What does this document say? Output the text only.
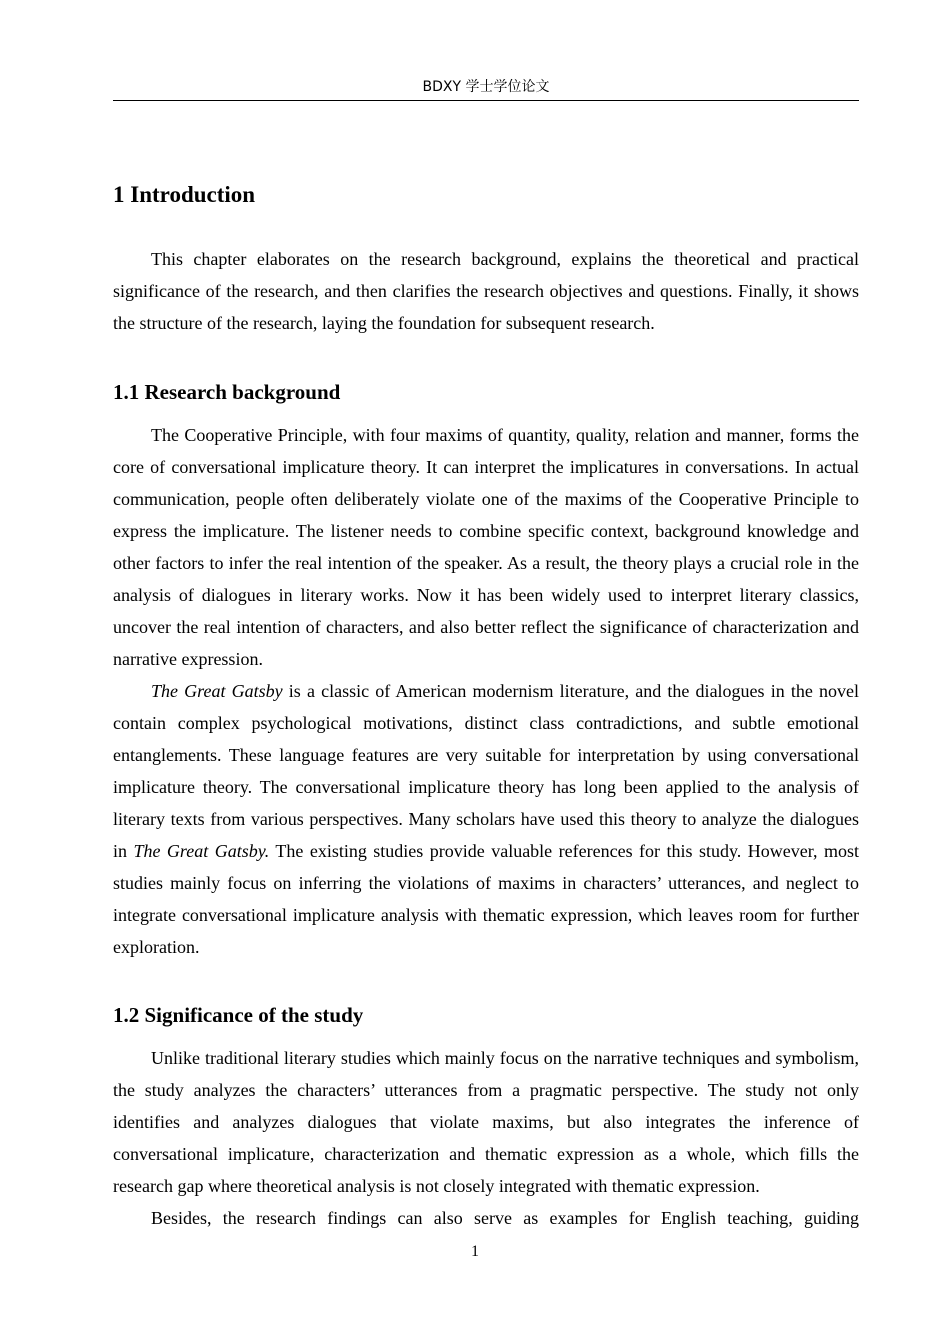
BDXY 学士学位论文
1 Introduction

This chapter elaborates on the research background, explains the theoretical and practical significance of the research, and then clarifies the research objectives and questions. Finally, it shows the structure of the research, laying the foundation for subsequent research.

1.1 Research background

The Cooperative Principle, with four maxims of quantity, quality, relation and manner, forms the core of conversational implicature theory. It can interpret the implicatures in conversations. In actual communication, people often deliberately violate one of the maxims of the Cooperative Principle to express the implicature. The listener needs to combine specific context, background knowledge and other factors to infer the real intention of the speaker. As a result, the theory plays a crucial role in the analysis of dialogues in literary works. Now it has been widely used to interpret literary classics, uncover the real intention of characters, and also better reflect the significance of characterization and narrative expression.

The Great Gatsby is a classic of American modernism literature, and the dialogues in the novel contain complex psychological motivations, distinct class contradictions, and subtle emotional entanglements. These language features are very suitable for interpretation by using conversational implicature theory. The conversational implicature theory has long been applied to the analysis of literary texts from various perspectives. Many scholars have used this theory to analyze the dialogues in The Great Gatsby. The existing studies provide valuable references for this study. However, most studies mainly focus on inferring the violations of maxims in characters’ utterances, and neglect to integrate conversational implicature analysis with thematic expression, which leaves room for further exploration.

1.2 Significance of the study

Unlike traditional literary studies which mainly focus on the narrative techniques and symbolism, the study analyzes the characters’ utterances from a pragmatic perspective. The study not only identifies and analyzes dialogues that violate maxims, but also integrates the inference of conversational implicature, characterization and thematic expression as a whole, which fills the research gap where theoretical analysis is not closely integrated with thematic expression.

Besides, the research findings can also serve as examples for English teaching, guiding

1
